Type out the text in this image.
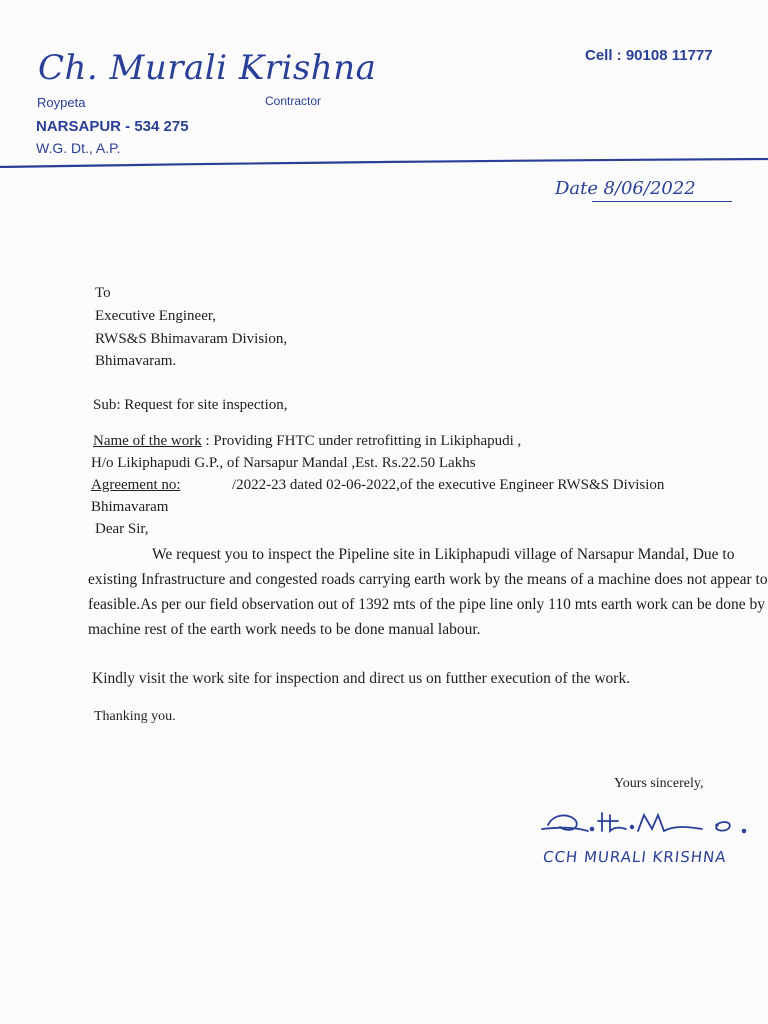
Ch. Murali Krishna	Cell : 90108 11777
Roypeta	Contractor
NARSAPUR - 534 275
W.G. Dt., A.P.
Date 8/06/2022
To
Executive Engineer,
RWS&S Bhimavaram Division,
Bhimavaram.
Sub: Request for site inspection,
Name of the work : Providing FHTC under retrofitting in Likiphapudi ,
H/o Likiphapudi G.P., of Narsapur Mandal ,Est. Rs.22.50 Lakhs
Agreement no:	/2022-23 dated 02-06-2022,of the executive Engineer RWS&S Division
Bhimavaram
Dear Sir,
We request you to inspect the Pipeline site in Likiphapudi village of Narsapur Mandal, Due to existing Infrastructure and congested roads carrying earth work by the means of a machine does not appear to feasible.As per our field observation out of 1392 mts of the pipe line only 110 mts earth work can be done by machine rest of the earth work needs to be done manual labour.
Kindly visit the work site for inspection and direct us on futther execution of the work.
Thanking you.
Yours sincerely,
CCH MURALI KRISHNA
